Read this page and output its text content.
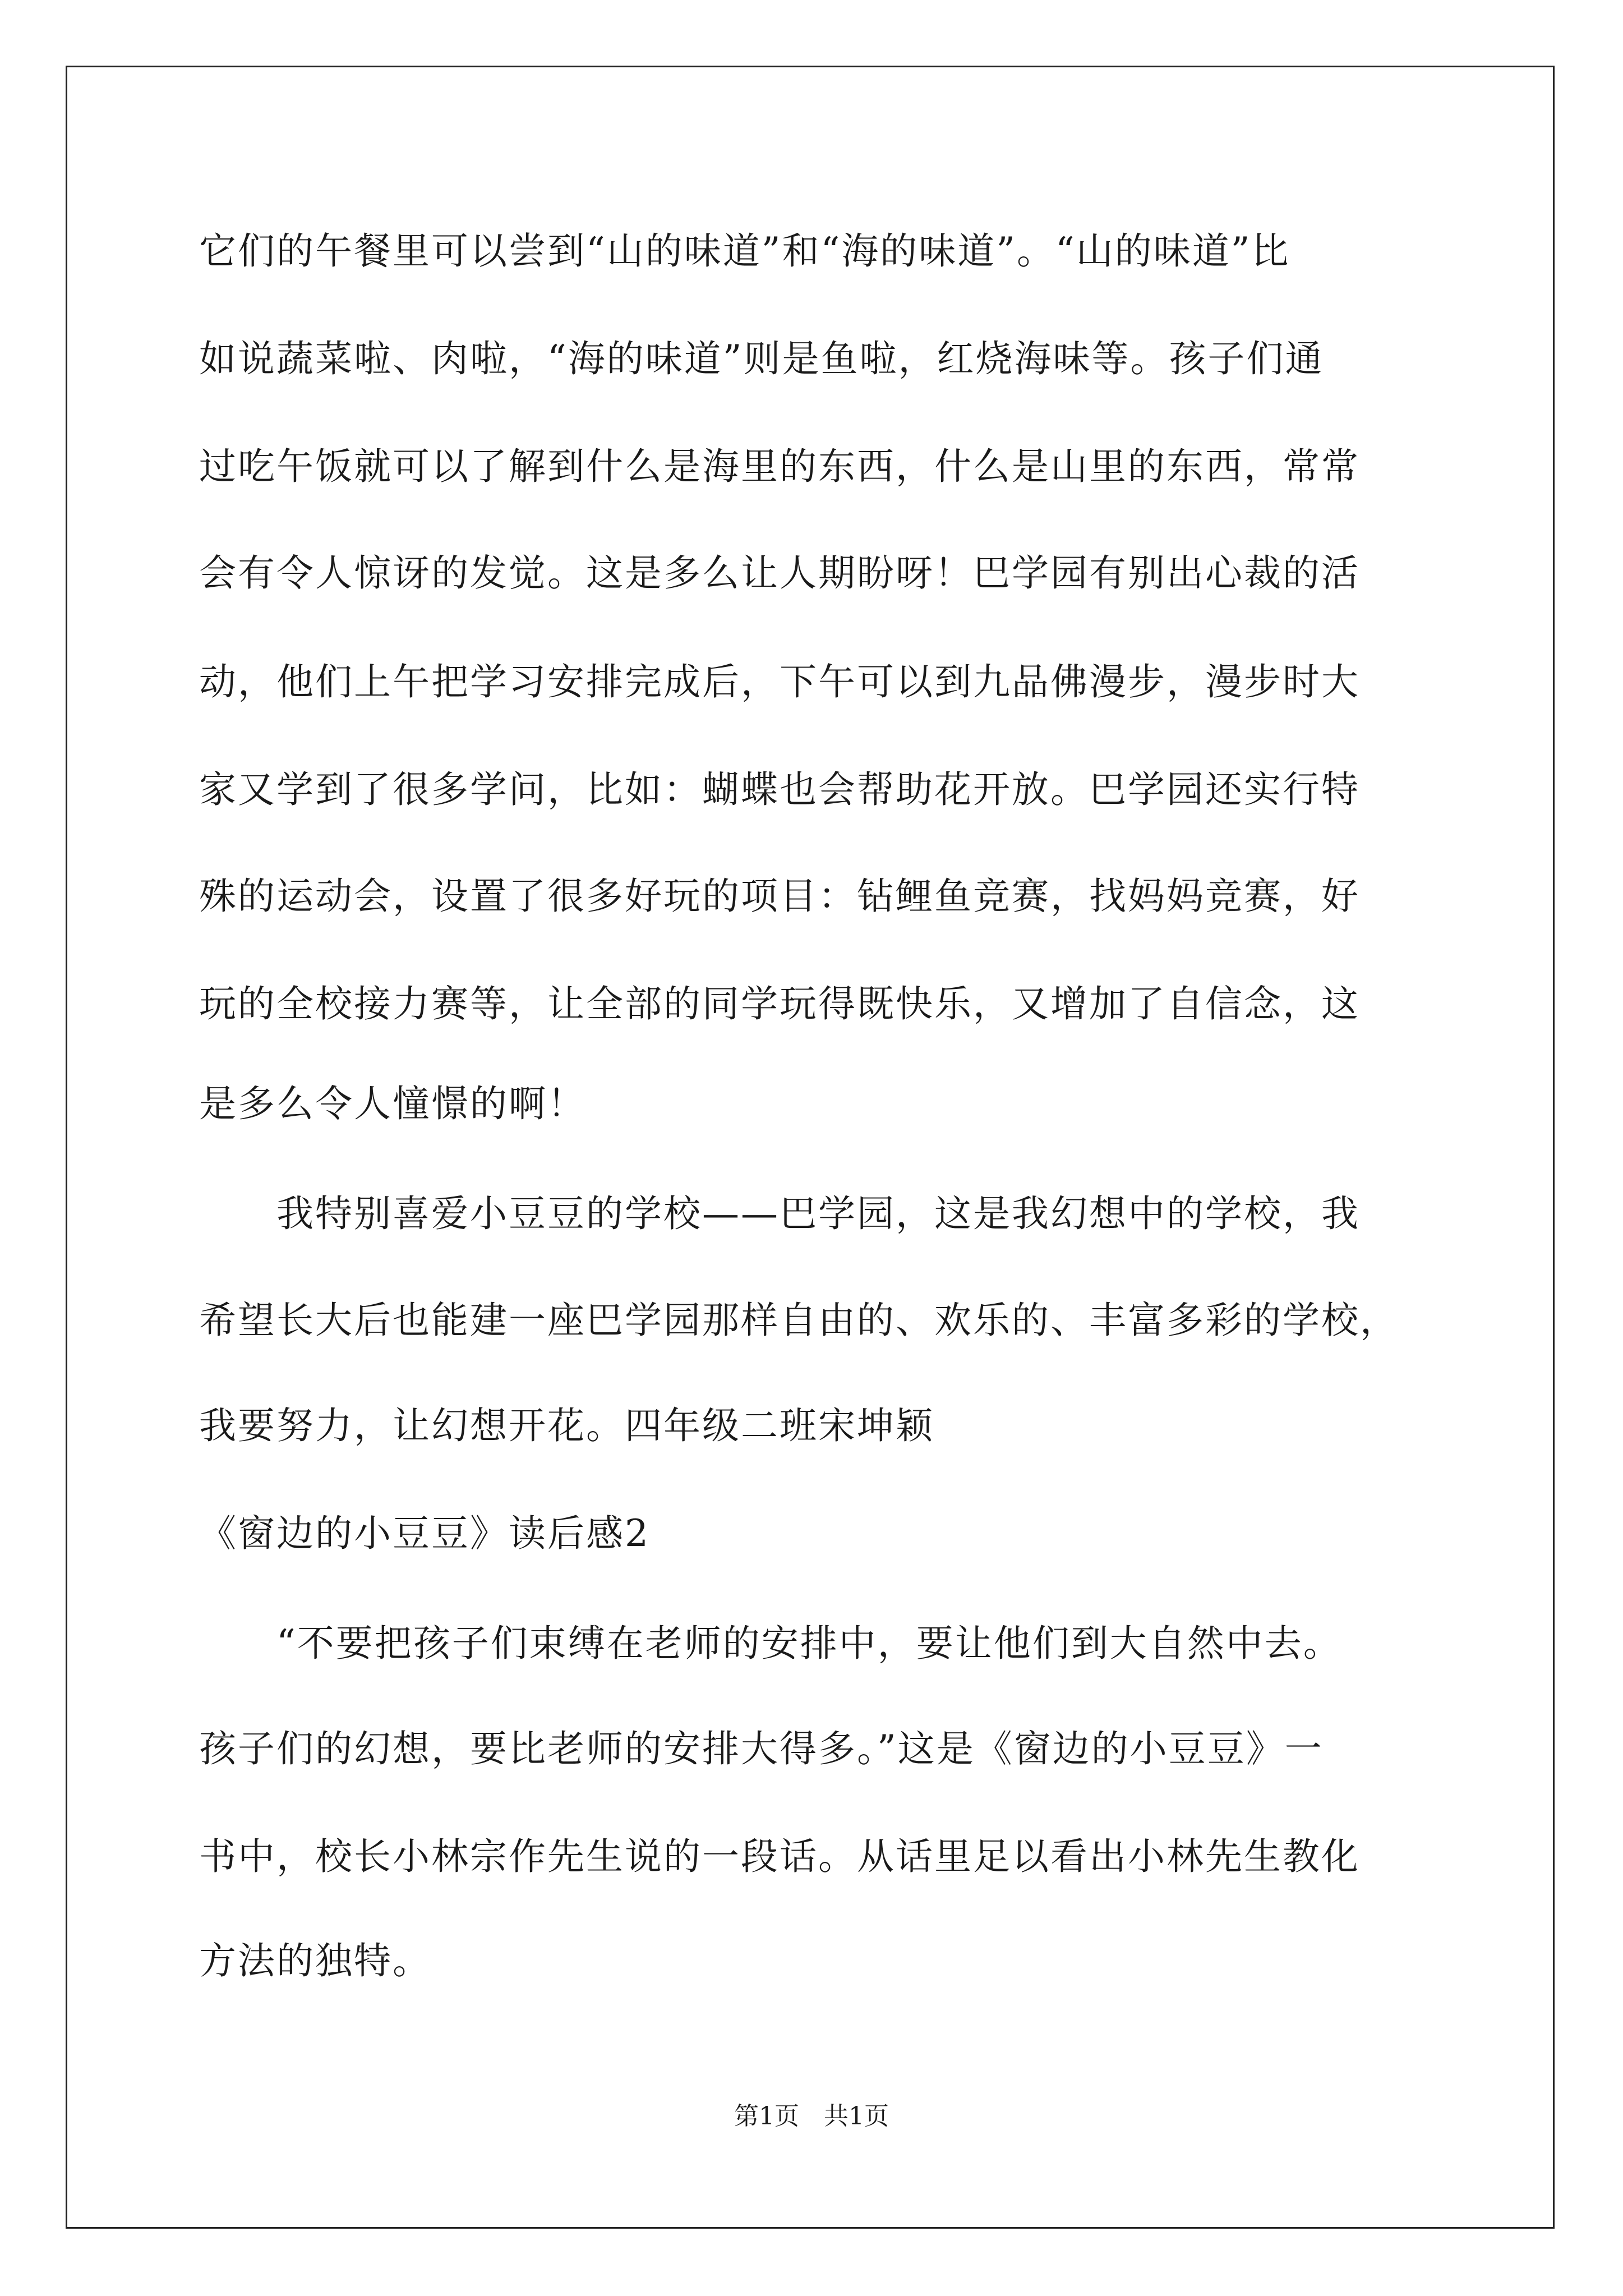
它们的午餐里可以尝到“山的味道”和“海的味道”。“山的味道”比
如说蔬菜啦、肉啦，“海的味道”则是鱼啦，红烧海味等。孩子们通
过吃午饭就可以了解到什么是海里的东西，什么是山里的东西，常常
会有令人惊讶的发觉。这是多么让人期盼呀！巴学园有别出心裁的活
动，他们上午把学习安排完成后，下午可以到九品佛漫步，漫步时大
家又学到了很多学问，比如：蝴蝶也会帮助花开放。巴学园还实行特
殊的运动会，设置了很多好玩的项目：钻鲤鱼竞赛，找妈妈竞赛，好
玩的全校接力赛等，让全部的同学玩得既快乐，又增加了自信念，这
是多么令人憧憬的啊！
　　我特别喜爱小豆豆的学校——巴学园，这是我幻想中的学校，我
希望长大后也能建一座巴学园那样自由的、欢乐的、丰富多彩的学校，
我要努力，让幻想开花。四年级二班宋坤颖
《窗边的小豆豆》读后感2
　　“不要把孩子们束缚在老师的安排中，要让他们到大自然中去。
孩子们的幻想，要比老师的安排大得多。”这是《窗边的小豆豆》一
书中，校长小林宗作先生说的一段话。从话里足以看出小林先生教化
方法的独特。
第1页　共1页
